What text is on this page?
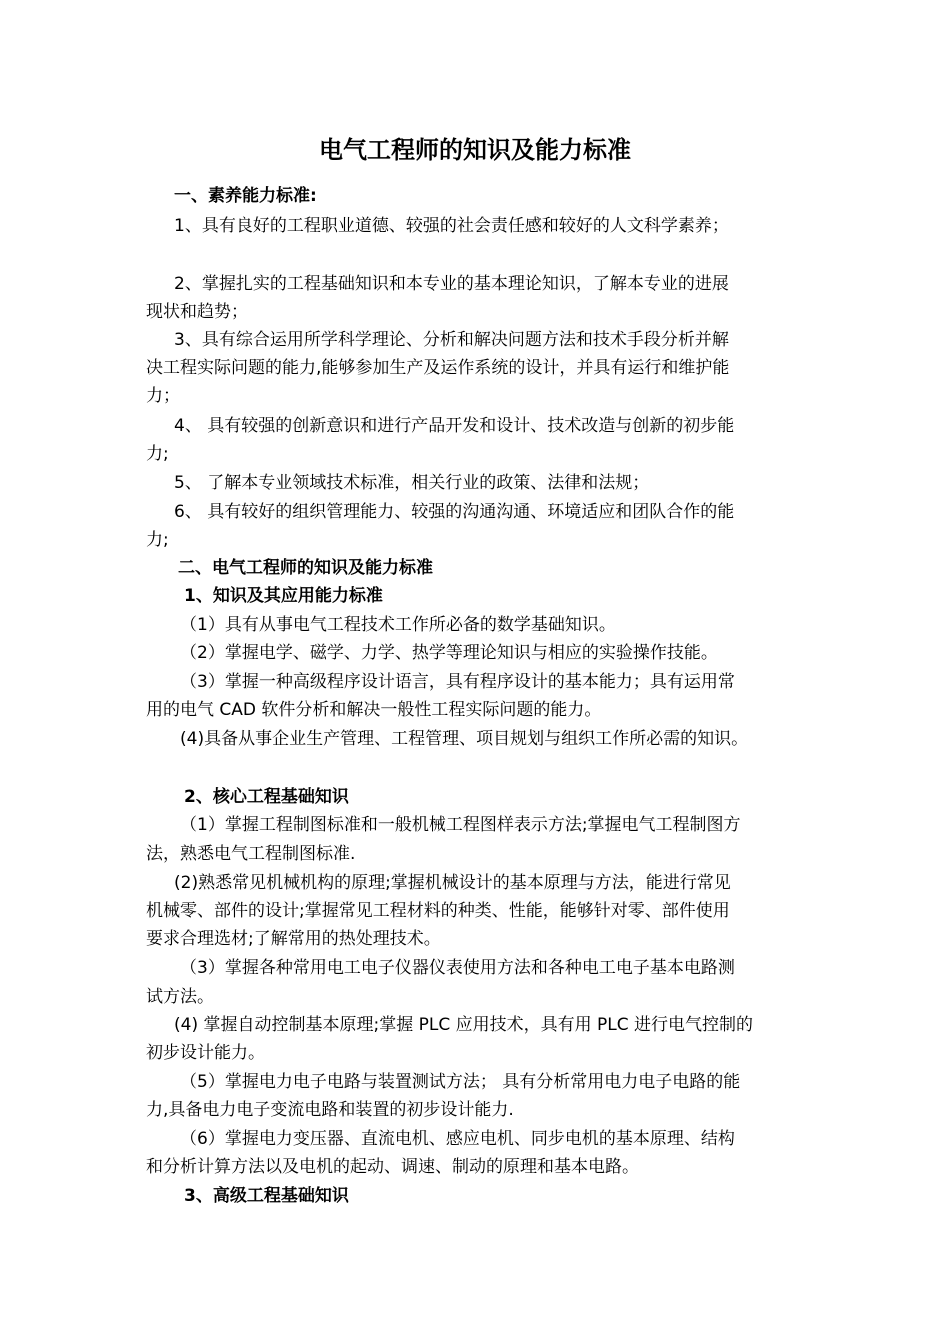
电气工程师的知识及能力标准

一、素养能力标准:

1、具有良好的工程职业道德、较强的社会责任感和较好的人文科学素养；

2、掌握扎实的工程基础知识和本专业的基本理论知识，了解本专业的进展

现状和趋势；

3、具有综合运用所学科学理论、分析和解决问题方法和技术手段分析并解

决工程实际问题的能力,能够参加生产及运作系统的设计，并具有运行和维护能

力；

4、 具有较强的创新意识和进行产品开发和设计、技术改造与创新的初步能

力;

5、 了解本专业领域技术标准，相关行业的政策、法律和法规；

6、 具有较好的组织管理能力、较强的沟通沟通、环境适应和团队合作的能

力;

二、电气工程师的知识及能力标准

1、知识及其应用能力标准

（1）具有从事电气工程技术工作所必备的数学基础知识。

（2）掌握电学、磁学、力学、热学等理论知识与相应的实验操作技能。

（3）掌握一种高级程序设计语言，具有程序设计的基本能力；具有运用常

用的电气 CAD 软件分析和解决一般性工程实际问题的能力。

(4)具备从事企业生产管理、工程管理、项目规划与组织工作所必需的知识。

2、核心工程基础知识

（1）掌握工程制图标准和一般机械工程图样表示方法;掌握电气工程制图方

法，熟悉电气工程制图标准.

(2)熟悉常见机械机构的原理;掌握机械设计的基本原理与方法，能进行常见

机械零、部件的设计;掌握常见工程材料的种类、性能，能够针对零、部件使用

要求合理选材;了解常用的热处理技术。

（3）掌握各种常用电工电子仪器仪表使用方法和各种电工电子基本电路测

试方法。

(4) 掌握自动控制基本原理;掌握 PLC 应用技术，具有用 PLC 进行电气控制的

初步设计能力。

（5）掌握电力电子电路与装置测试方法； 具有分析常用电力电子电路的能

力,具备电力电子变流电路和装置的初步设计能力.

（6）掌握电力变压器、直流电机、感应电机、同步电机的基本原理、结构

和分析计算方法以及电机的起动、调速、制动的原理和基本电路。

3、高级工程基础知识
